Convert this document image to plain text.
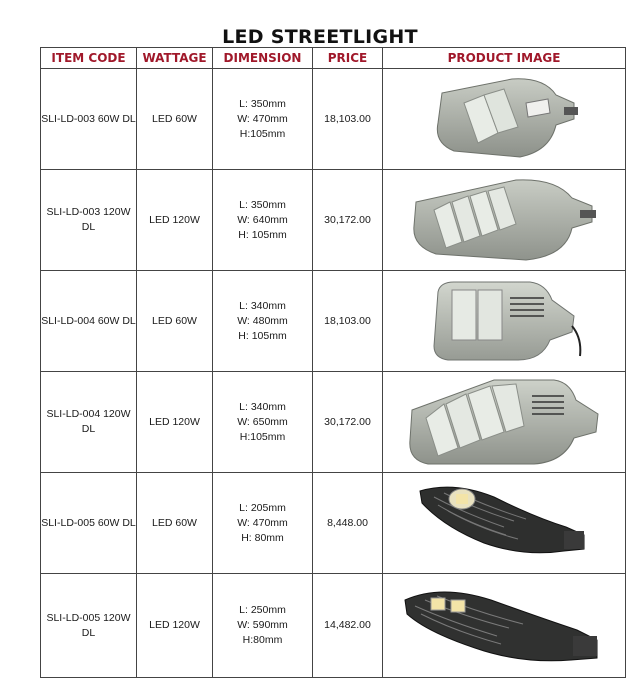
LED STREETLIGHT
ITEM CODE	WATTAGE	DIMENSION	PRICE	PRODUCT IMAGE
SLI-LD-003 60W DL	LED 60W	L: 350mm
W: 470mm
H:105mm	18,103.00	

SLI-LD-003 120W DL	LED 120W	L: 350mm
W: 640mm
H: 105mm	30,172.00	

SLI-LD-004 60W DL	LED 60W	L: 340mm
W: 480mm
H: 105mm	18,103.00	

SLI-LD-004 120W DL	LED 120W	L: 340mm
W: 650mm
H:105mm	30,172.00	

SLI-LD-005 60W DL	LED 60W	L: 205mm
W: 470mm
H: 80mm	8,448.00	

SLI-LD-005 120W DL	LED 120W	L: 250mm
W: 590mm
H:80mm	14,482.00	
